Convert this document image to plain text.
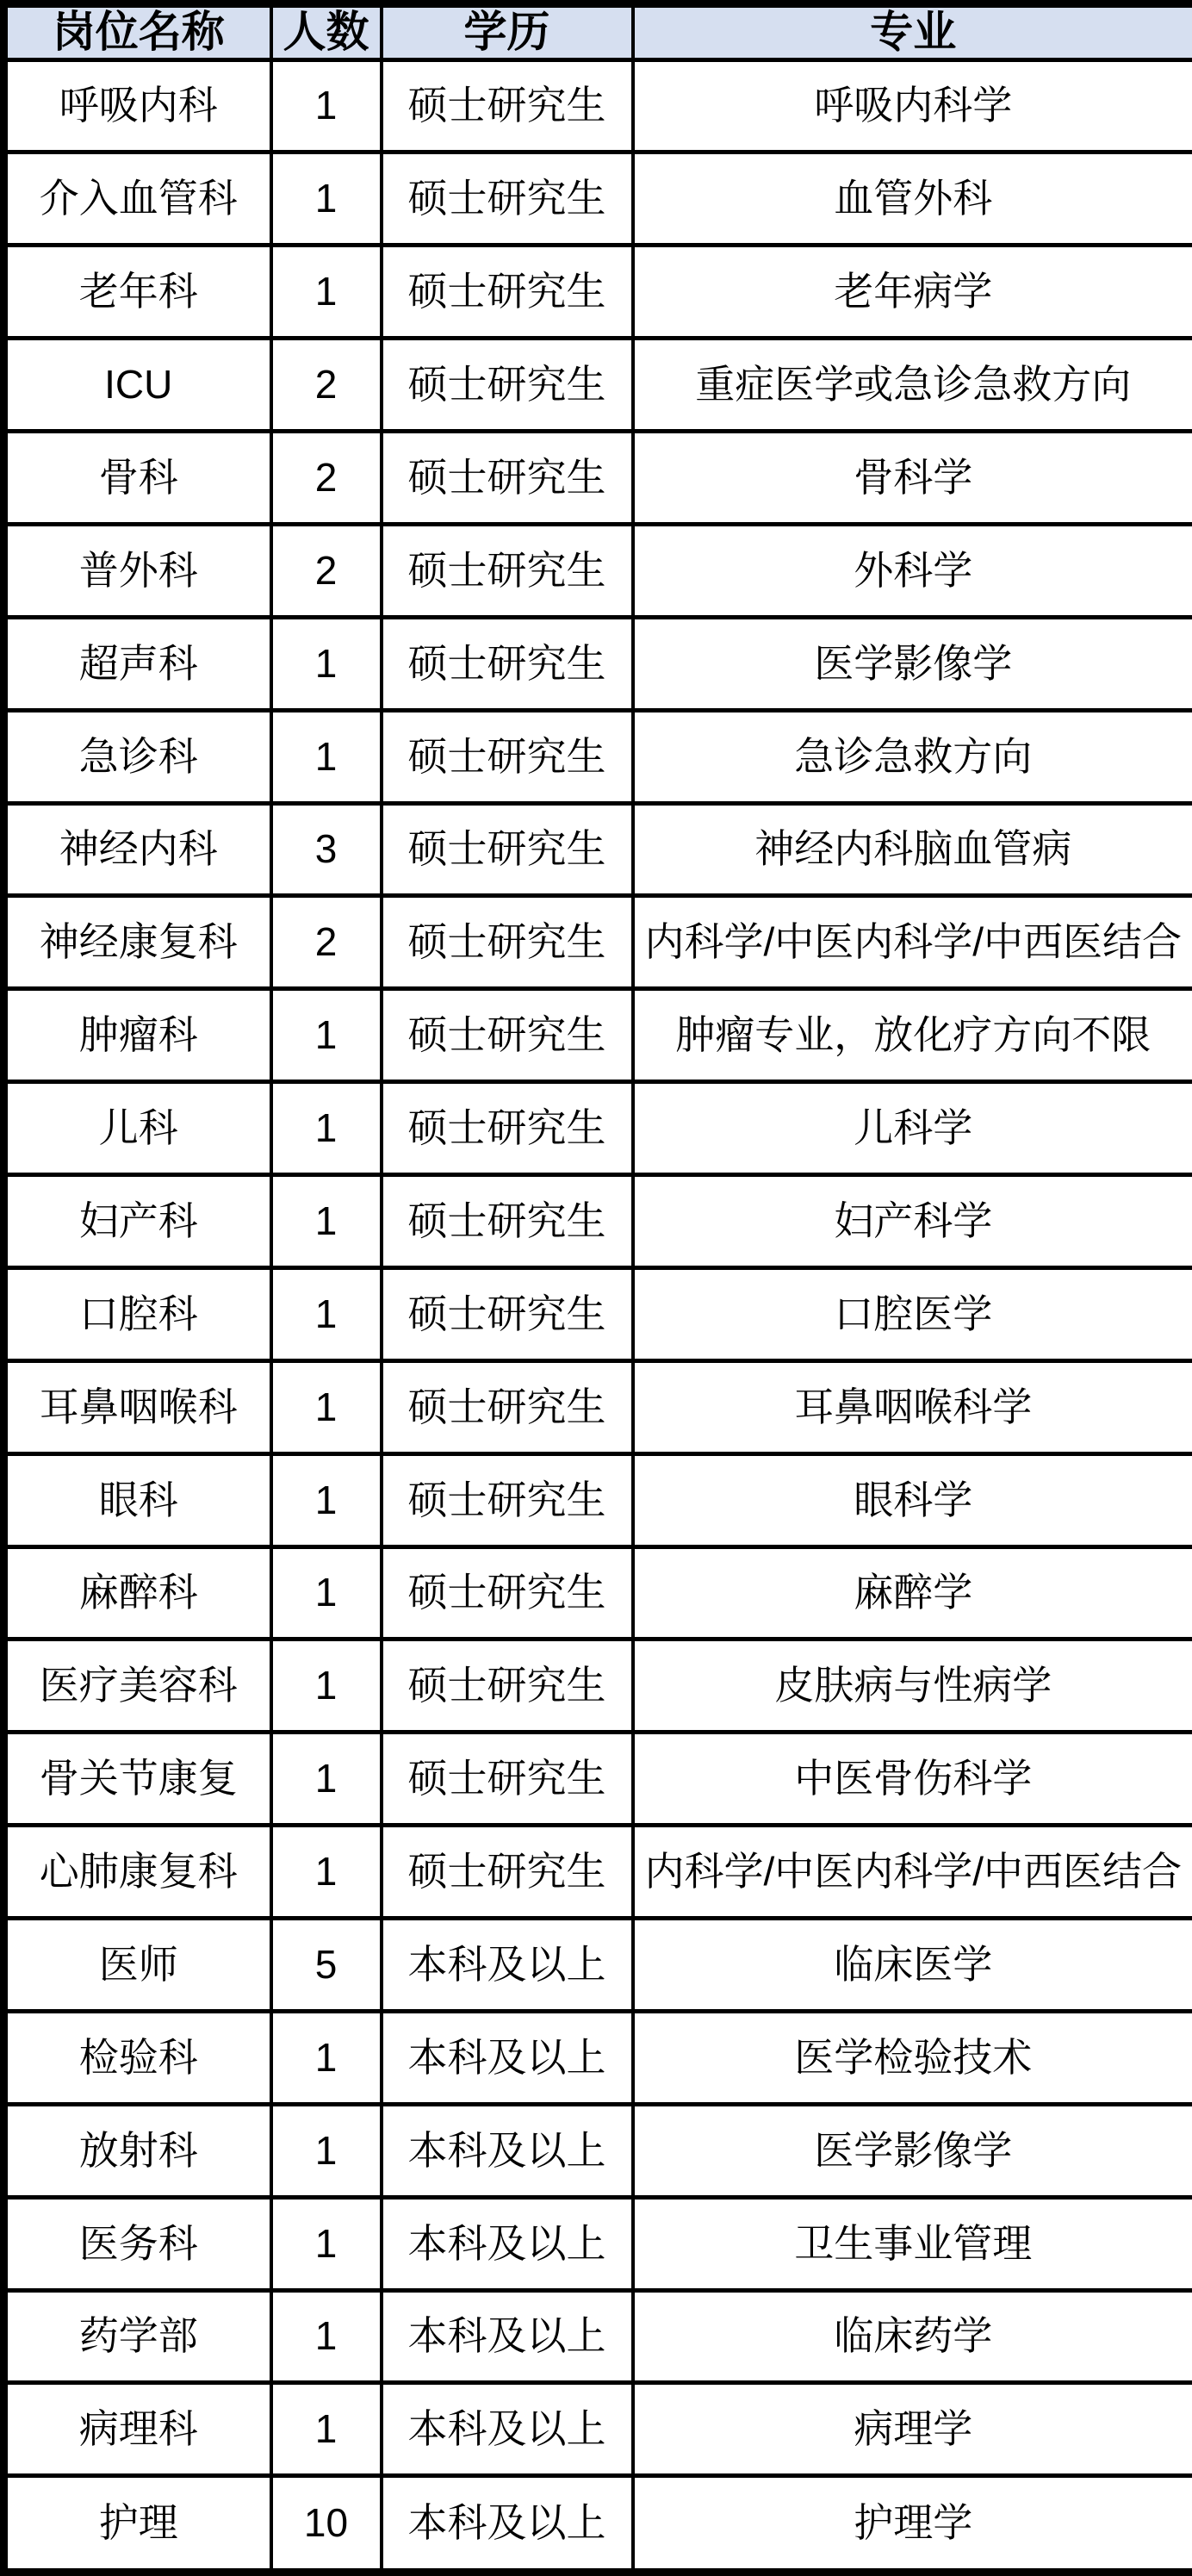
岗位名称	人数	学历	专业
呼吸内科	1	硕士研究生	呼吸内科学
介入血管科	1	硕士研究生	血管外科
老年科	1	硕士研究生	老年病学
ICU	2	硕士研究生	重症医学或急诊急救方向
骨科	2	硕士研究生	骨科学
普外科	2	硕士研究生	外科学
超声科	1	硕士研究生	医学影像学
急诊科	1	硕士研究生	急诊急救方向
神经内科	3	硕士研究生	神经内科脑血管病
神经康复科	2	硕士研究生	内科学/中医内科学/中西医结合
肿瘤科	1	硕士研究生	肿瘤专业，放化疗方向不限
儿科	1	硕士研究生	儿科学
妇产科	1	硕士研究生	妇产科学
口腔科	1	硕士研究生	口腔医学
耳鼻咽喉科	1	硕士研究生	耳鼻咽喉科学
眼科	1	硕士研究生	眼科学
麻醉科	1	硕士研究生	麻醉学
医疗美容科	1	硕士研究生	皮肤病与性病学
骨关节康复	1	硕士研究生	中医骨伤科学
心肺康复科	1	硕士研究生	内科学/中医内科学/中西医结合
医师	5	本科及以上	临床医学
检验科	1	本科及以上	医学检验技术
放射科	1	本科及以上	医学影像学
医务科	1	本科及以上	卫生事业管理
药学部	1	本科及以上	临床药学
病理科	1	本科及以上	病理学
护理	10	本科及以上	护理学
